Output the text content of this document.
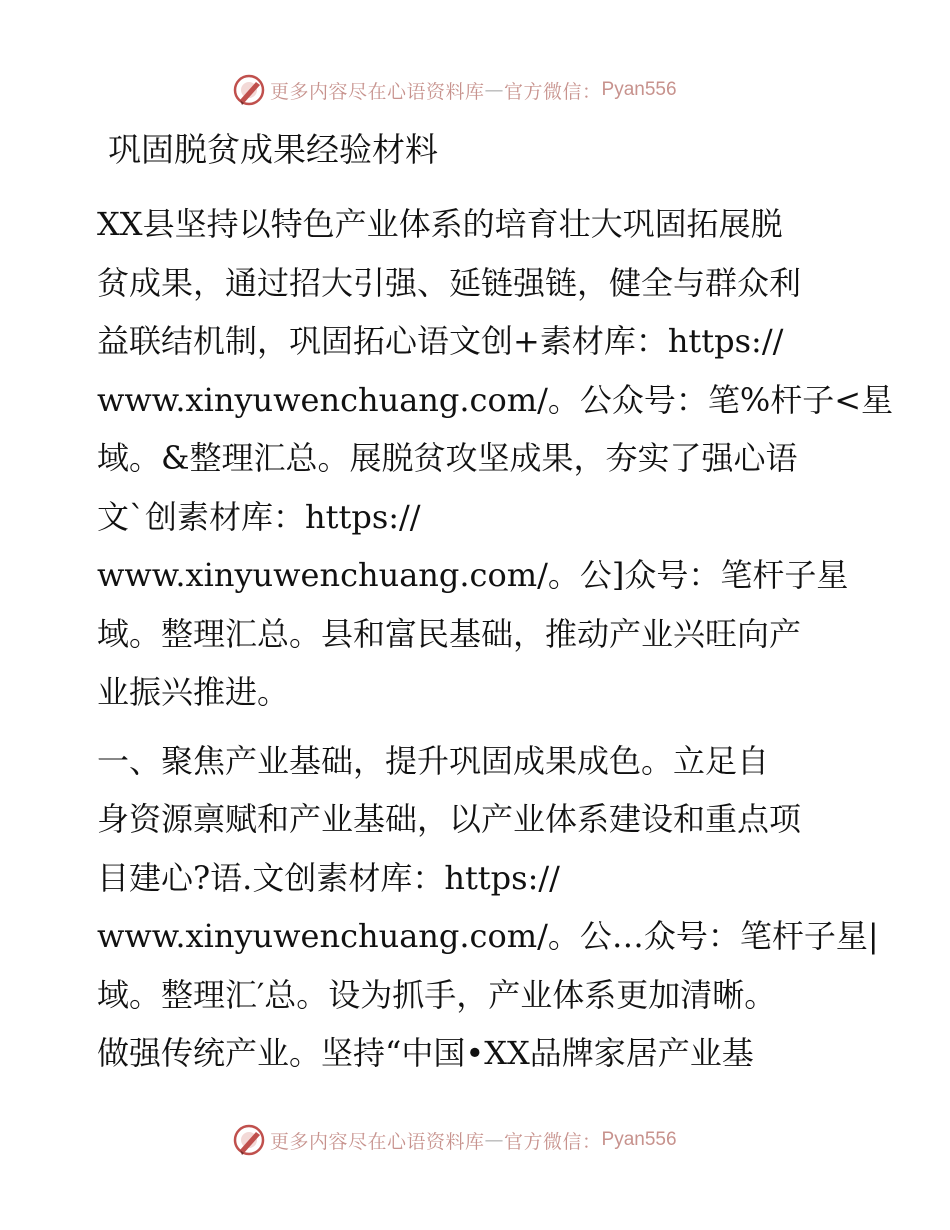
更多内容尽在心语资料库 — 官方微信： Pyan556
巩固脱贫成果经验材料
XX县坚持以特色产业体系的培育壮大巩固拓展脱
贫成果，通过招大引强、延链强链，健全与群众利
益联结机制，巩固拓心语文创+素材库：https://
www.xinyuwenchuang.com/。公众号：笔%杆子<星
域。&整理汇总。展脱贫攻坚成果，夯实了强心语
文`创素材库：https://
www.xinyuwenchuang.com/。公]众号：笔杆子星
域。整理汇总。县和富民基础，推动产业兴旺向产
业振兴推进。
一、聚焦产业基础，提升巩固成果成色。立足自
身资源禀赋和产业基础，以产业体系建设和重点项
目建心?语.文创素材库：https://
www.xinyuwenchuang.com/。公…众号：笔杆子星|
域。整理汇′总。设为抓手，产业体系更加清晰。
做强传统产业。坚持“中国•XX品牌家居产业基
更多内容尽在心语资料库 — 官方微信： Pyan556
